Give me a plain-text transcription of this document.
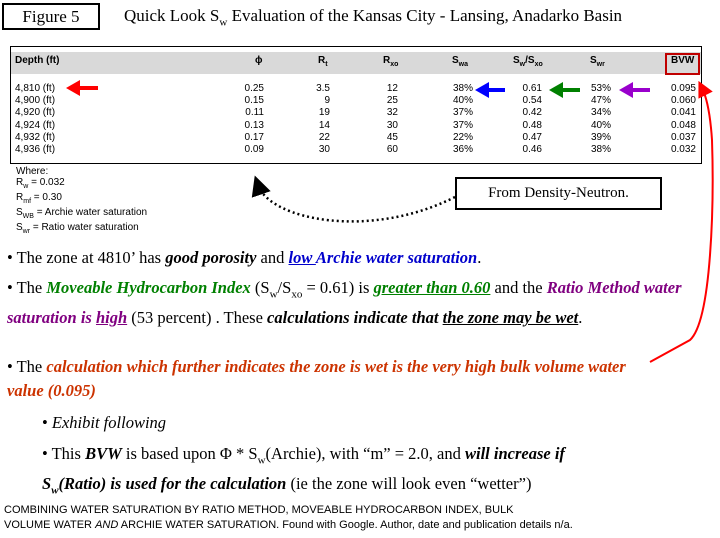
Figure 5	Quick Look $S_w$ Evaluation of the Kansas City - Lansing, Anadarko Basin
Depth (ft)	ϕ	$R_t$	$R_{xo}$	$S_{wa}$	$S_w/S_{xo}$	$S_{wr}$	BVW
4,810 (ft)	0.25	3.5	12	38%	0.61	53%	0.095
4,900 (ft)	0.15	9	25	40%	0.54	47%	0.060
4,920 (ft)	0.11	19	32	37%	0.42	34%	0.041
4,924 (ft)	0.13	14	30	37%	0.48	40%	0.048
4,932 (ft)	0.17	22	45	22%	0.47	39%	0.037
4,936 (ft)	0.09	30	60	36%	0.46	38%	0.032
Where:
$R_w = 0.032$
$R_{mf} = 0.30$
$S_{WB}$ = Archie water saturation
$S_{wr}$ = Ratio water saturation
From Density-Neutron.
• The zone at 4810’ has good porosity and low Archie water saturation.
• The Moveable Hydrocarbon Index $(S_w/S_{xo} = 0.61)$ is greater than 0.60 and the Ratio Method water saturation is high (53 percent) . These calculations indicate that the zone may be wet.
• The calculation which further indicates the zone is wet is the very high bulk volume water value (0.095)
• Exhibit following
• This BVW is based upon Φ * $S_w(Archie)$, with “m” = 2.0, and will increase if
$S_w(Ratio)$ is used for the calculation (ie the zone will look even “wetter”)
COMBINING WATER SATURATION BY RATIO METHOD, MOVEABLE HYDROCARBON INDEX, BULK
VOLUME WATER AND ARCHIE WATER SATURATION. Found with Google. Author, date and publication details n/a.
